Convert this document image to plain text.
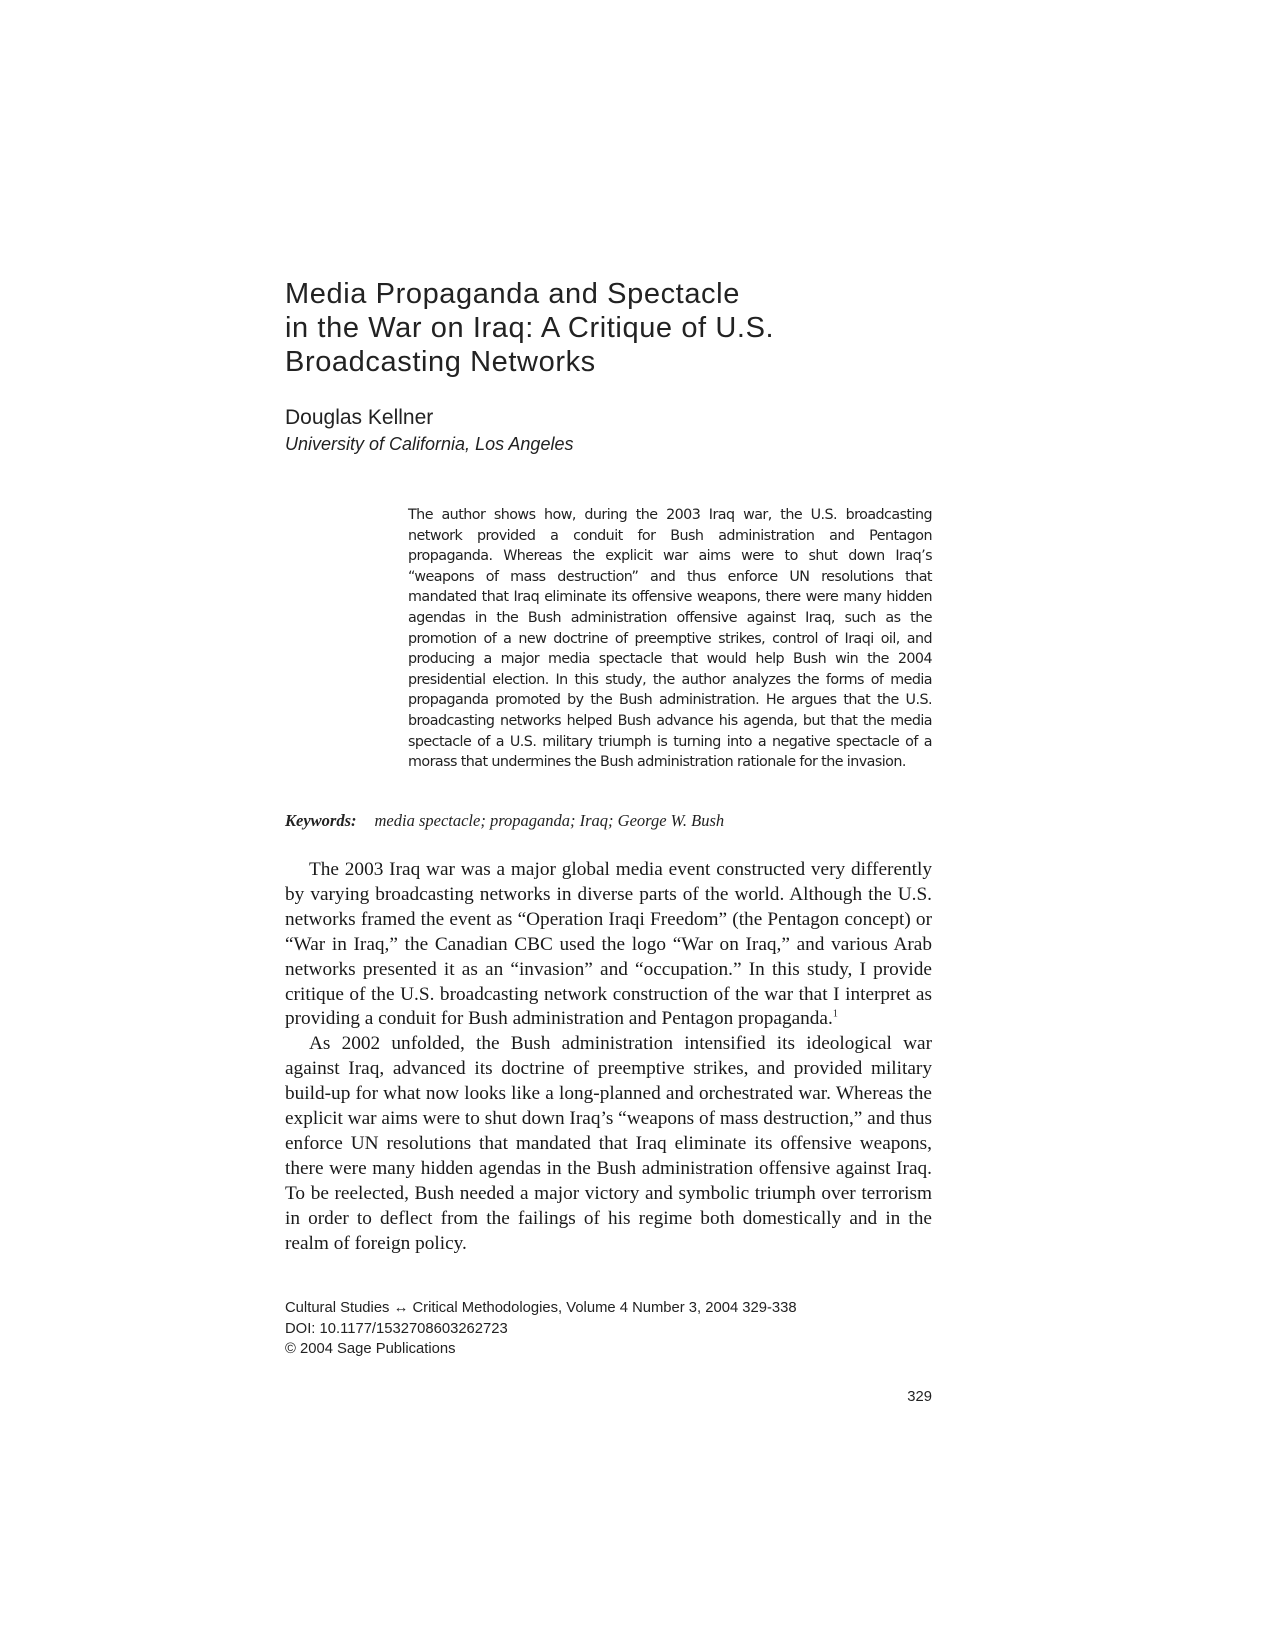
Media Propaganda and Spectacle
in the War on Iraq: A Critique of U.S.
Broadcasting Networks
Douglas Kellner
University of California, Los Angeles

The author shows how, during the 2003 Iraq war, the U.S. broadcasting network provided a conduit for Bush administration and Pentagon propaganda. Whereas the explicit war aims were to shut down Iraq’s “weapons of mass destruction” and thus enforce UN resolutions that mandated that Iraq eliminate its offensive weapons, there were many hidden agendas in the Bush administration offensive against Iraq, such as the promotion of a new doctrine of preemptive strikes, control of Iraqi oil, and producing a major media spectacle that would help Bush win the 2004 presidential election. In this study, the author analyzes the forms of media propaganda promoted by the Bush administration. He argues that the U.S. broadcasting networks helped Bush advance his agenda, but that the media spectacle of a U.S. military triumph is turning into a negative spectacle of a morass that undermines the Bush administration rationale for the invasion.

Keywords: media spectacle; propaganda; Iraq; George W. Bush

The 2003 Iraq war was a major global media event constructed very differently by varying broadcasting networks in diverse parts of the world. Although the U.S. networks framed the event as “Operation Iraqi Freedom” (the Pentagon concept) or “War in Iraq,” the Canadian CBC used the logo “War on Iraq,” and various Arab networks presented it as an “invasion” and “occupation.” In this study, I provide critique of the U.S. broadcasting network construction of the war that I interpret as providing a conduit for Bush administration and Pentagon propaganda.$^1$

As 2002 unfolded, the Bush administration intensified its ideological war against Iraq, advanced its doctrine of preemptive strikes, and provided military build-up for what now looks like a long-planned and orchestrated war. Whereas the explicit war aims were to shut down Iraq’s “weapons of mass destruction,” and thus enforce UN resolutions that mandated that Iraq eliminate its offensive weapons, there were many hidden agendas in the Bush administration offensive against Iraq. To be reelected, Bush needed a major victory and symbolic triumph over terrorism in order to deflect from the failings of his regime both domestically and in the realm of foreign policy.

Cultural Studies ↔ Critical Methodologies, Volume 4 Number 3, 2004 329-338
DOI: 10.1177/1532708603262723
© 2004 Sage Publications
329
